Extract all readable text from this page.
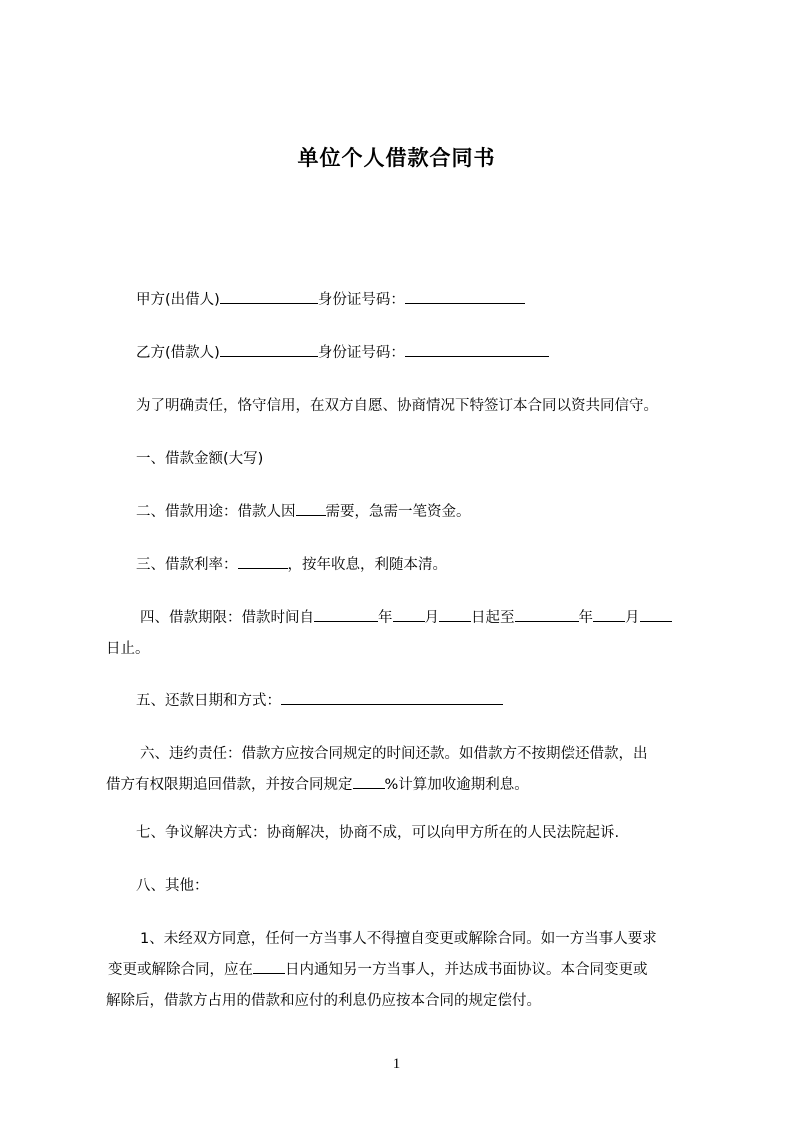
单位个人借款合同书
甲方(出借人)	身份证号码：
乙方(借款人)	身份证号码：
为了明确责任，恪守信用，在双方自愿、协商情况下特签订本合同以资共同信守。
一、借款金额(大写)
二、借款用途：借款人因 需要，急需一笔资金。
三、借款利率：	，按年收息，利随本清。
四、借款期限：借款时间自	年 月 日起至	年 月
日止。
五、还款日期和方式：
六、违约责任：借款方应按合同规定的时间还款。如借款方不按期偿还借款，出
借方有权限期追回借款，并按合同规定 %计算加收逾期利息。
七、争议解决方式：协商解决，协商不成，可以向甲方所在的人民法院起诉.
八、其他：
1、未经双方同意，任何一方当事人不得擅自变更或解除合同。如一方当事人要求
变更或解除合同，应在 日内通知另一方当事人，并达成书面协议。本合同变更或
解除后，借款方占用的借款和应付的利息仍应按本合同的规定偿付。
1
